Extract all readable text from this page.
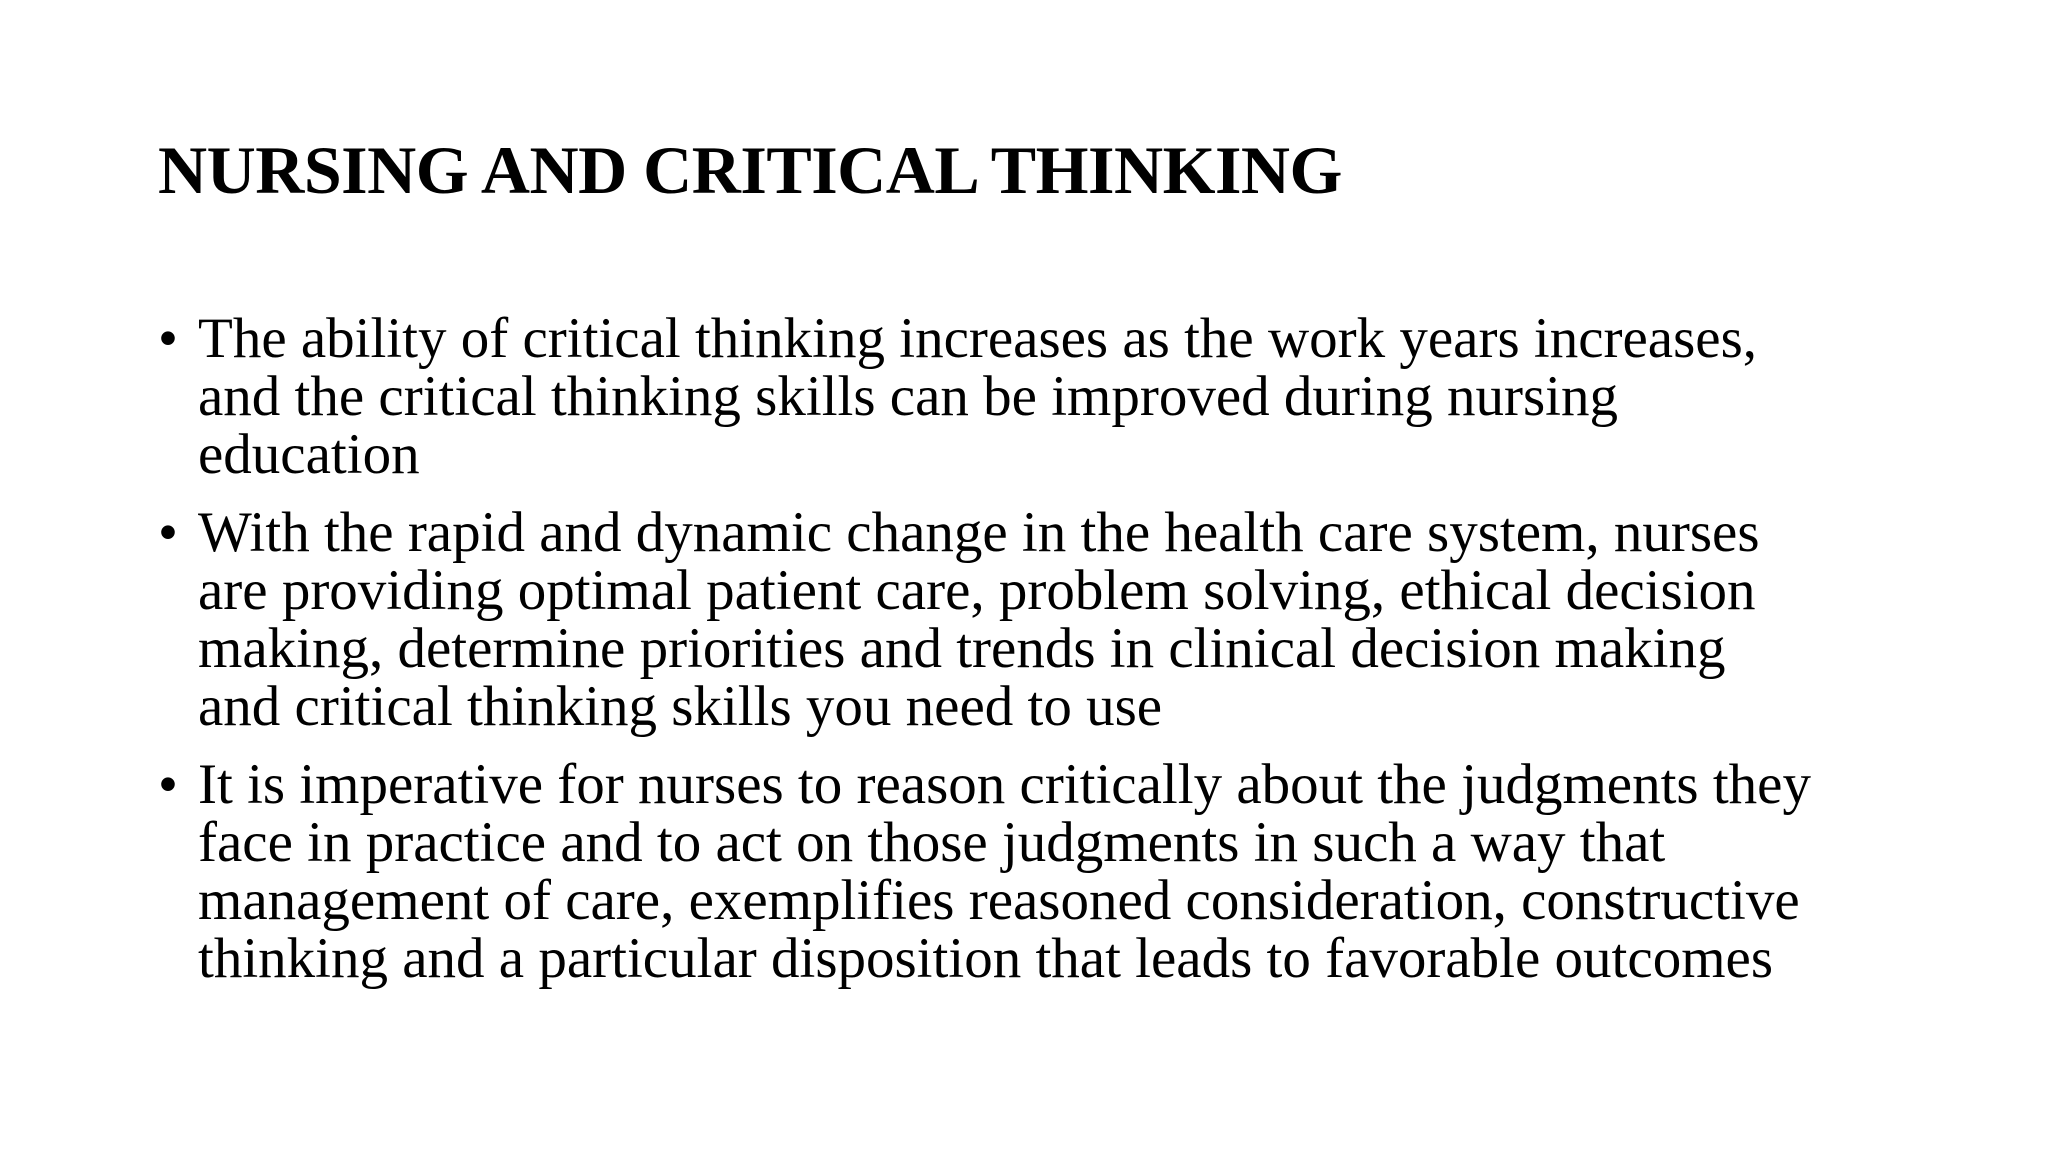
NURSING AND CRITICAL THINKING
• The ability of critical thinking increases as the work years increases,
and the critical thinking skills can be improved during nursing
education
• With the rapid and dynamic change in the health care system, nurses
are providing optimal patient care, problem solving, ethical decision
making, determine priorities and trends in clinical decision making
and critical thinking skills you need to use
• It is imperative for nurses to reason critically about the judgments they
face in practice and to act on those judgments in such a way that
management of care, exemplifies reasoned consideration, constructive
thinking and a particular disposition that leads to favorable outcomes
